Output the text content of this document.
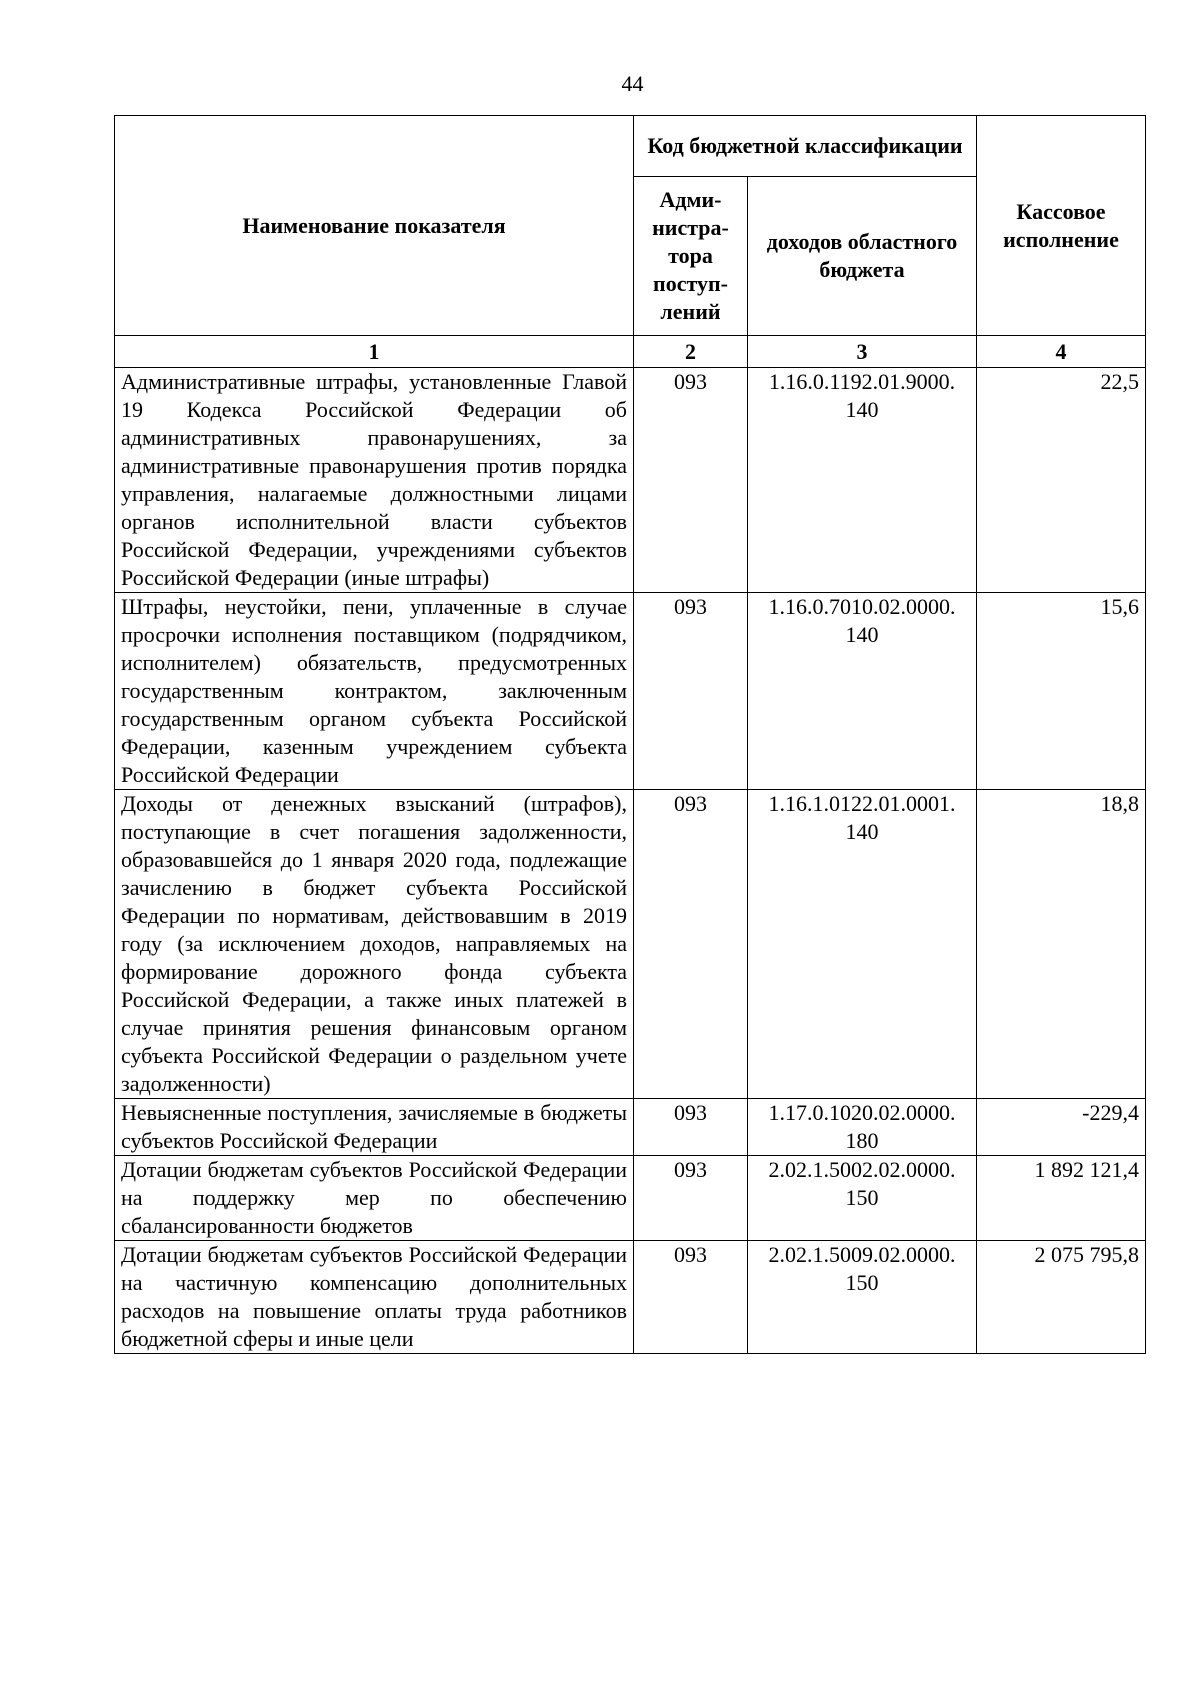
44
Наименование показателя	Код бюджетной классификации		Кассовое исполнение
	Адми-нистра-тора поступ-лений	доходов областного бюджета	
1	2	3	4
Административные штрафы, установленные Главой 19 Кодекса Российской Федерации об административных правонарушениях, за административные правонарушения против порядка управления, налагаемые должностными лицами органов исполнительной власти субъектов Российской Федерации, учреждениями субъектов Российской Федерации (иные штрафы)	093	1.16.0.1192.01.9000. 140	22,5
Штрафы, неустойки, пени, уплаченные в случае просрочки исполнения поставщиком (подрядчиком, исполнителем) обязательств, предусмотренных государственным контрактом, заключенным государственным органом субъекта Российской Федерации, казенным учреждением субъекта Российской Федерации	093	1.16.0.7010.02.0000. 140	15,6
Доходы от денежных взысканий (штрафов), поступающие в счет погашения задолженности, образовавшейся до 1 января 2020 года, подлежащие зачислению в бюджет субъекта Российской Федерации по нормативам, действовавшим в 2019 году (за исключением доходов, направляемых на формирование дорожного фонда субъекта Российской Федерации, а также иных платежей в случае принятия решения финансовым органом субъекта Российской Федерации о раздельном учете задолженности)	093	1.16.1.0122.01.0001. 140	18,8
Невыясненные поступления, зачисляемые в бюджеты субъектов Российской Федерации	093	1.17.0.1020.02.0000. 180	-229,4
Дотации бюджетам субъектов Российской Федерации на поддержку мер по обеспечению сбалансированности бюджетов	093	2.02.1.5002.02.0000. 150	1 892 121,4
Дотации бюджетам субъектов Российской Федерации на частичную компенсацию дополнительных расходов на повышение оплаты труда работников бюджетной сферы и иные цели	093	2.02.1.5009.02.0000. 150	2 075 795,8
